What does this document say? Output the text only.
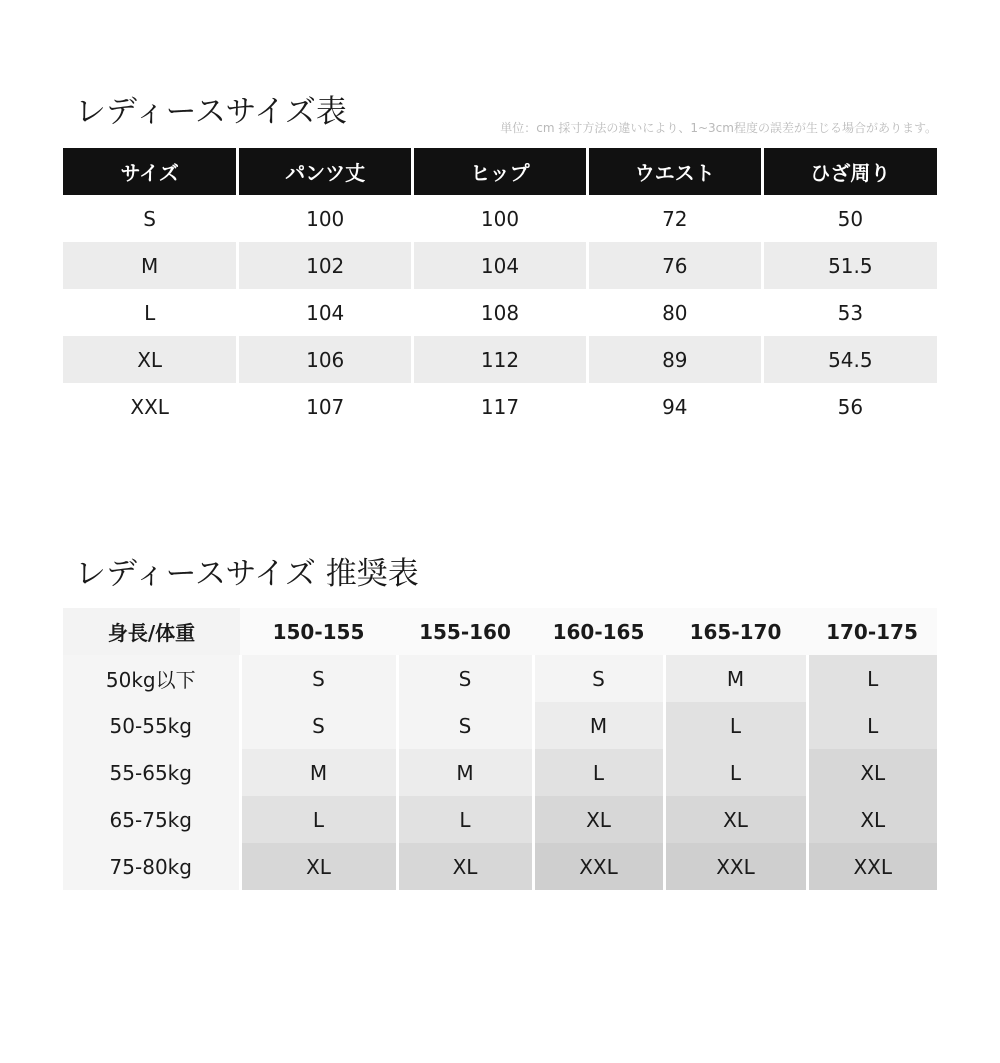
レディースサイズ表	単位：cm 採寸方法の違いにより、1~3cm程度の誤差が生じる場合があります。
サイズ	パンツ丈	ヒップ	ウエスト	ひざ周り
S	100	100	72	50
M	102	104	76	51.5
L	104	108	80	53
XL	106	112	89	54.5
XXL	107	117	94	56
レディースサイズ 推奨表
身長/体重	150-155	155-160	160-165	165-170	170-175
50kg以下	S	S	S	M	L
50-55kg	S	S	M	L	L
55-65kg	M	M	L	L	XL
65-75kg	L	L	XL	XL	XL
75-80kg	XL	XL	XXL	XXL	XXL
